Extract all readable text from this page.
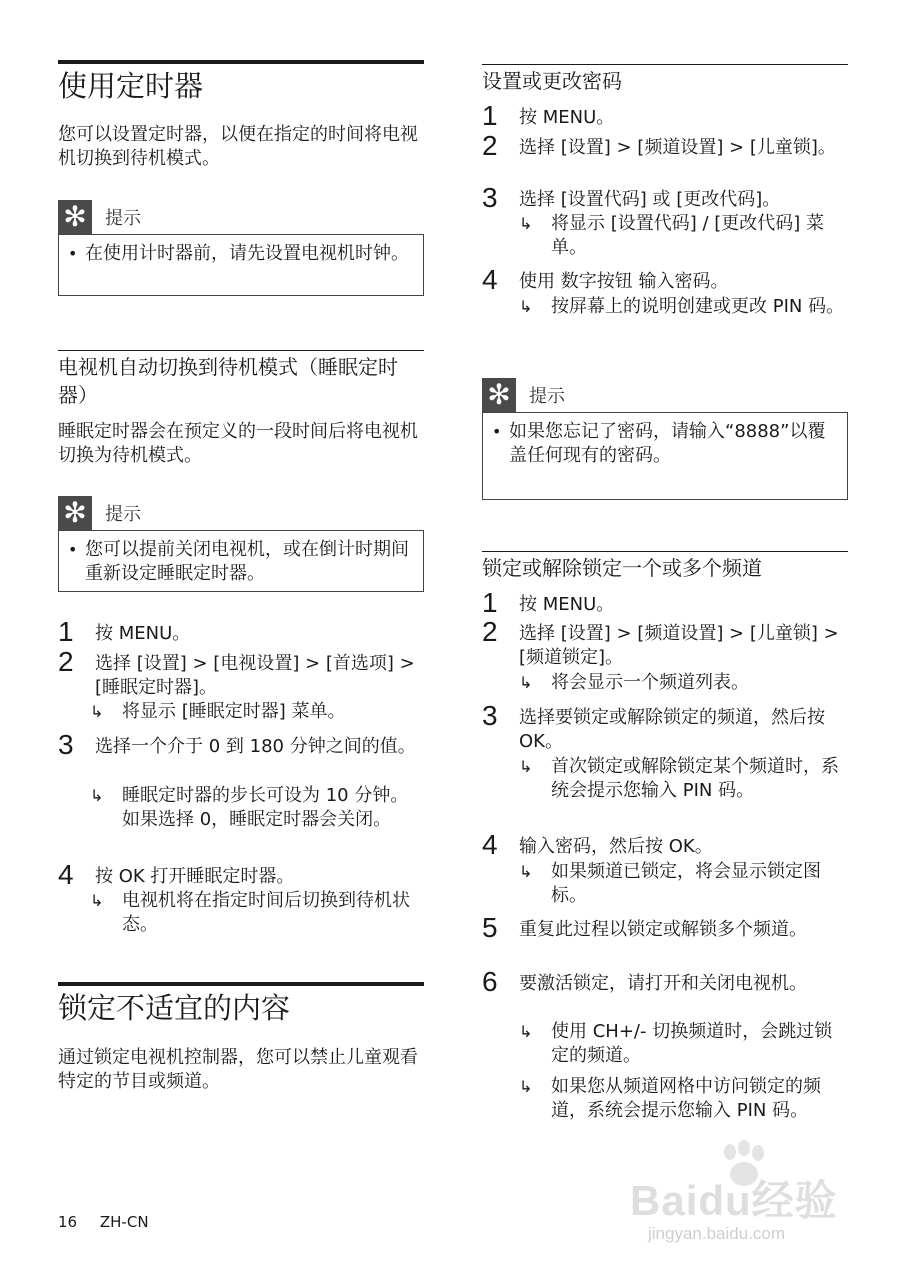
使用定时器

您可以设置定时器，以便在指定的时间将电视机切换到待机模式。

✻ 提示
• 在使用计时器前，请先设置电视机时钟。
电视机自动切换到待机模式（睡眠定时器）

睡眠定时器会在预定义的一段时间后将电视机切换为待机模式。

✻ 提示
• 您可以提前关闭电视机，或在倒计时期间重新设定睡眠定时器。
1 按 MENU。
2 选择 [设置] > [电视设置] > [首选项] > [睡眠定时器]。
↳ 将显示 [睡眠定时器] 菜单。
3 选择一个介于 0 到 180 分钟之间的值。
↳ 睡眠定时器的步长可设为 10 分钟。 如果选择 0，睡眠定时器会关闭。
4 按 OK 打开睡眠定时器。
↳ 电视机将在指定时间后切换到待机状态。
锁定不适宜的内容

通过锁定电视机控制器，您可以禁止儿童观看特定的节目或频道。

设置或更改密码
1 按 MENU。
2 选择 [设置] > [频道设置] > [儿童锁]。
3 选择 [设置代码] 或 [更改代码]。
↳ 将显示 [设置代码] / [更改代码] 菜单。
4 使用 数字按钮 输入密码。
↳ 按屏幕上的说明创建或更改 PIN 码。
✻ 提示
• 如果您忘记了密码，请输入“8888”以覆盖任何现有的密码。
锁定或解除锁定一个或多个频道
1 按 MENU。
2 选择 [设置] > [频道设置] > [儿童锁] > [频道锁定]。
↳ 将会显示一个频道列表。
3 选择要锁定或解除锁定的频道，然后按 OK。
↳ 首次锁定或解除锁定某个频道时，系统会提示您输入 PIN 码。
4 输入密码，然后按 OK。
↳ 如果频道已锁定，将会显示锁定图标。
5 重复此过程以锁定或解锁多个频道。
6 要激活锁定，请打开和关闭电视机。
↳ 使用 CH+/- 切换频道时，会跳过锁定的频道。
↳ 如果您从频道网格中访问锁定的频道，系统会提示您输入 PIN 码。
16 ZH-CN	Baidu经验
jingyan.baidu.com
